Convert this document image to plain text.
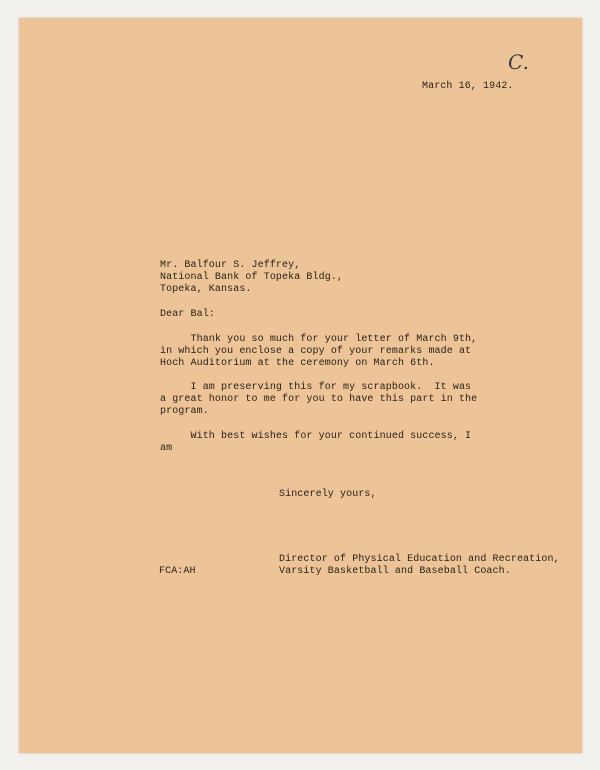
C.
March 16, 1942.
Mr. Balfour S. Jeffrey,
National Bank of Topeka Bldg.,
Topeka, Kansas.
Dear Bal:
Thank you so much for your letter of March 9th,
in which you enclose a copy of your remarks made at
Hoch Auditorium at the ceremony on March 6th.
I am preserving this for my scrapbook.  It was
a great honor to me for you to have this part in the
program.
With best wishes for your continued success, I
am
Sincerely yours,
Director of Physical Education and Recreation,
FCA:AH	Varsity Basketball and Baseball Coach.
